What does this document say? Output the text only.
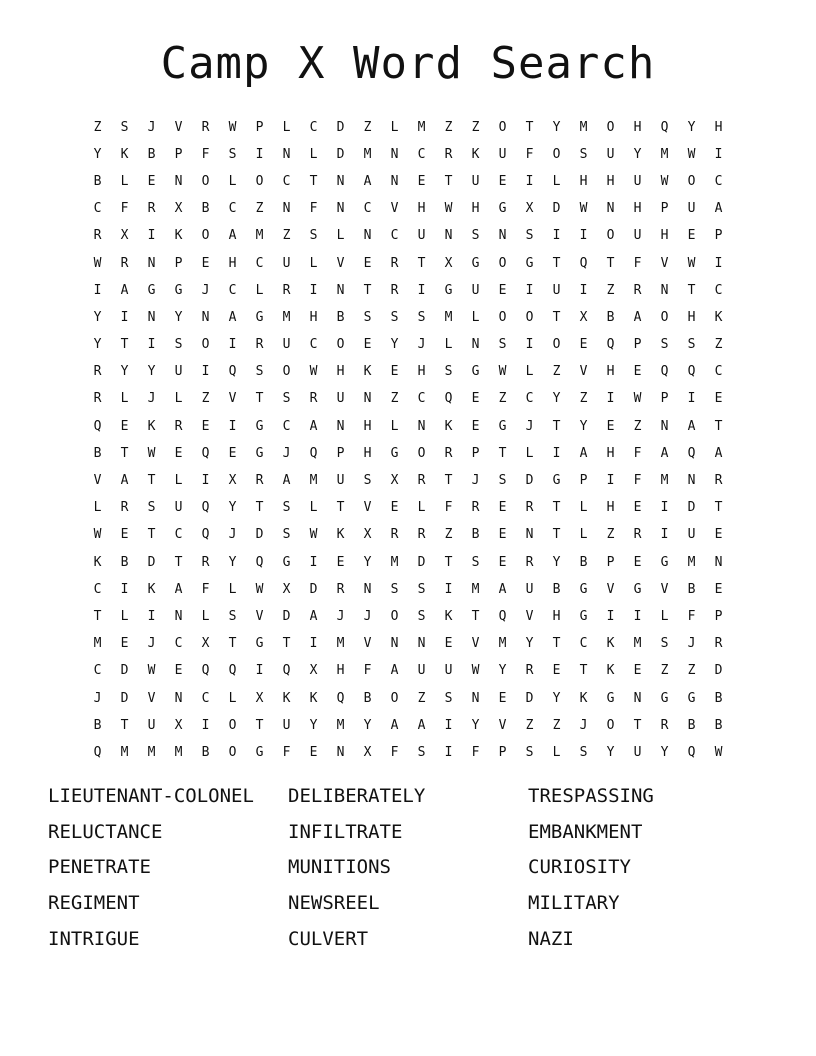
Camp X Word Search
Z	S	J	V	R	W	P	L	C	D	Z	L	M	Z	Z	O	T	Y	M	O	H	Q	Y	H
Y	K	B	P	F	S	I	N	L	D	M	N	C	R	K	U	F	O	S	U	Y	M	W	I
B	L	E	N	O	L	O	C	T	N	A	N	E	T	U	E	I	L	H	H	U	W	O	C
C	F	R	X	B	C	Z	N	F	N	C	V	H	W	H	G	X	D	W	N	H	P	U	A
R	X	I	K	O	A	M	Z	S	L	N	C	U	N	S	N	S	I	I	O	U	H	E	P
W	R	N	P	E	H	C	U	L	V	E	R	T	X	G	O	G	T	Q	T	F	V	W	I
I	A	G	G	J	C	L	R	I	N	T	R	I	G	U	E	I	U	I	Z	R	N	T	C
Y	I	N	Y	N	A	G	M	H	B	S	S	S	M	L	O	O	T	X	B	A	O	H	K
Y	T	I	S	O	I	R	U	C	O	E	Y	J	L	N	S	I	O	E	Q	P	S	S	Z
R	Y	Y	U	I	Q	S	O	W	H	K	E	H	S	G	W	L	Z	V	H	E	Q	Q	C
R	L	J	L	Z	V	T	S	R	U	N	Z	C	Q	E	Z	C	Y	Z	I	W	P	I	E
Q	E	K	R	E	I	G	C	A	N	H	L	N	K	E	G	J	T	Y	E	Z	N	A	T
B	T	W	E	Q	E	G	J	Q	P	H	G	O	R	P	T	L	I	A	H	F	A	Q	A
V	A	T	L	I	X	R	A	M	U	S	X	R	T	J	S	D	G	P	I	F	M	N	R
L	R	S	U	Q	Y	T	S	L	T	V	E	L	F	R	E	R	T	L	H	E	I	D	T
W	E	T	C	Q	J	D	S	W	K	X	R	R	Z	B	E	N	T	L	Z	R	I	U	E
K	B	D	T	R	Y	Q	G	I	E	Y	M	D	T	S	E	R	Y	B	P	E	G	M	N
C	I	K	A	F	L	W	X	D	R	N	S	S	I	M	A	U	B	G	V	G	V	B	E
T	L	I	N	L	S	V	D	A	J	J	O	S	K	T	Q	V	H	G	I	I	L	F	P
M	E	J	C	X	T	G	T	I	M	V	N	N	E	V	M	Y	T	C	K	M	S	J	R
C	D	W	E	Q	Q	I	Q	X	H	F	A	U	U	W	Y	R	E	T	K	E	Z	Z	D
J	D	V	N	C	L	X	K	K	Q	B	O	Z	S	N	E	D	Y	K	G	N	G	G	B
B	T	U	X	I	O	T	U	Y	M	Y	A	A	I	Y	V	Z	Z	J	O	T	R	B	B
Q	M	M	M	B	O	G	F	E	N	X	F	S	I	F	P	S	L	S	Y	U	Y	Q	W
LIEUTENANT-COLONEL	DELIBERATELY	TRESPASSING
RELUCTANCE	INFILTRATE	EMBANKMENT
PENETRATE	MUNITIONS	CURIOSITY
REGIMENT	NEWSREEL	MILITARY
INTRIGUE	CULVERT	NAZI
